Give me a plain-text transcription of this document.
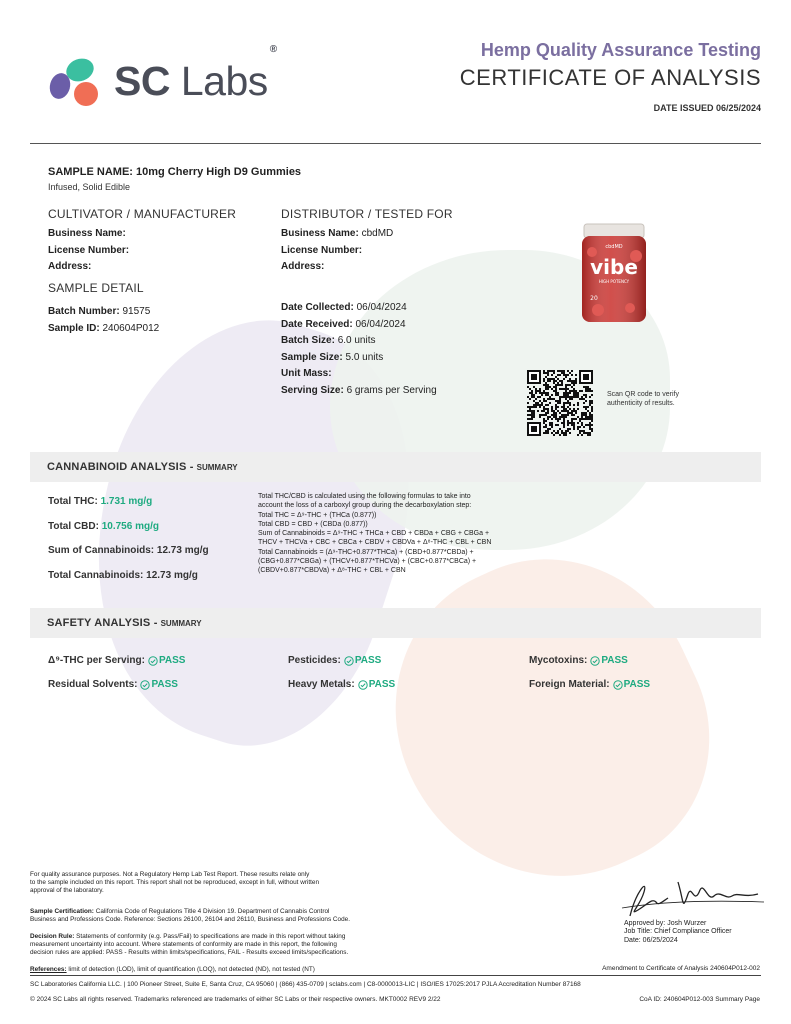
SC Labs®	Hemp Quality Assurance Testing
CERTIFICATE OF ANALYSIS
DATE ISSUED 06/25/2024
SAMPLE NAME: 10mg Cherry High D9 Gummies
Infused, Solid Edible
CULTIVATOR / MANUFACTURER
Business Name:
License Number:
Address:
DISTRIBUTOR / TESTED FOR
Business Name: cbdMD
License Number:
Address:
SAMPLE DETAIL
Batch Number: 91575
Sample ID: 240604P012
Date Collected: 06/04/2024
Date Received: 06/04/2024
Batch Size: 6.0 units
Sample Size: 5.0 units
Unit Mass:
Serving Size: 6 grams per Serving
cbdMD
vibe
HIGH POTENCY
20
Scan QR code to verify authenticity of results.
CANNABINOID ANALYSIS - SUMMARY
Total THC: 1.731 mg/g
Total CBD: 10.756 mg/g
Sum of Cannabinoids: 12.73 mg/g
Total Cannabinoids: 12.73 mg/g
Total THC/CBD is calculated using the following formulas to take into
account the loss of a carboxyl group during the decarboxylation step:
Total THC = Δ⁹-THC + (THCa (0.877))
Total CBD = CBD + (CBDa (0.877))
Sum of Cannabinoids = Δ⁹-THC + THCa + CBD + CBDa + CBG + CBGa +
THCV + THCVa + CBC + CBCa + CBDV + CBDVa + Δ⁸-THC + CBL + CBN
Total Cannabinoids = (Δ⁹-THC+0.877*THCa) + (CBD+0.877*CBDa) +
(CBG+0.877*CBGa) + (THCV+0.877*THCVa) + (CBC+0.877*CBCa) +
(CBDV+0.877*CBDVa) + Δ⁸-THC + CBL + CBN
SAFETY ANALYSIS - SUMMARY
Δ⁹-THC per Serving: PASS	Pesticides: PASS	Mycotoxins: PASS
Residual Solvents: PASS	Heavy Metals: PASS	Foreign Material: PASS
For quality assurance purposes. Not a Regulatory Hemp Lab Test Report. These results relate only
to the sample included on this report. This report shall not be reproduced, except in full, without written
approval of the laboratory.
Sample Certification: California Code of Regulations Title 4 Division 19. Department of Cannabis Control
Business and Professions Code. Reference: Sections 26100, 26104 and 26110, Business and Professions Code.
Decision Rule: Statements of conformity (e.g. Pass/Fail) to specifications are made in this report without taking
measurement uncertainty into account. Where statements of conformity are made in this report, the following
decision rules are applied: PASS - Results within limits/specifications, FAIL - Results exceed limits/specifications.
References: limit of detection (LOD), limit of quantification (LOQ), not detected (ND), not tested (NT)
Approved by: Josh Wurzer
Job Title: Chief Compliance Officer
Date: 06/25/2024
Amendment to Certificate of Analysis 240604P012-002
SC Laboratories California LLC. | 100 Pioneer Street, Suite E, Santa Cruz, CA 95060 | (866) 435-0709 | sclabs.com | C8-0000013-LIC | ISO/IES 17025:2017 PJLA Accreditation Number 87168
© 2024 SC Labs all rights reserved. Trademarks referenced are trademarks of either SC Labs or their respective owners. MKT0002 REV9 2/22	CoA ID: 240604P012-003 Summary Page
